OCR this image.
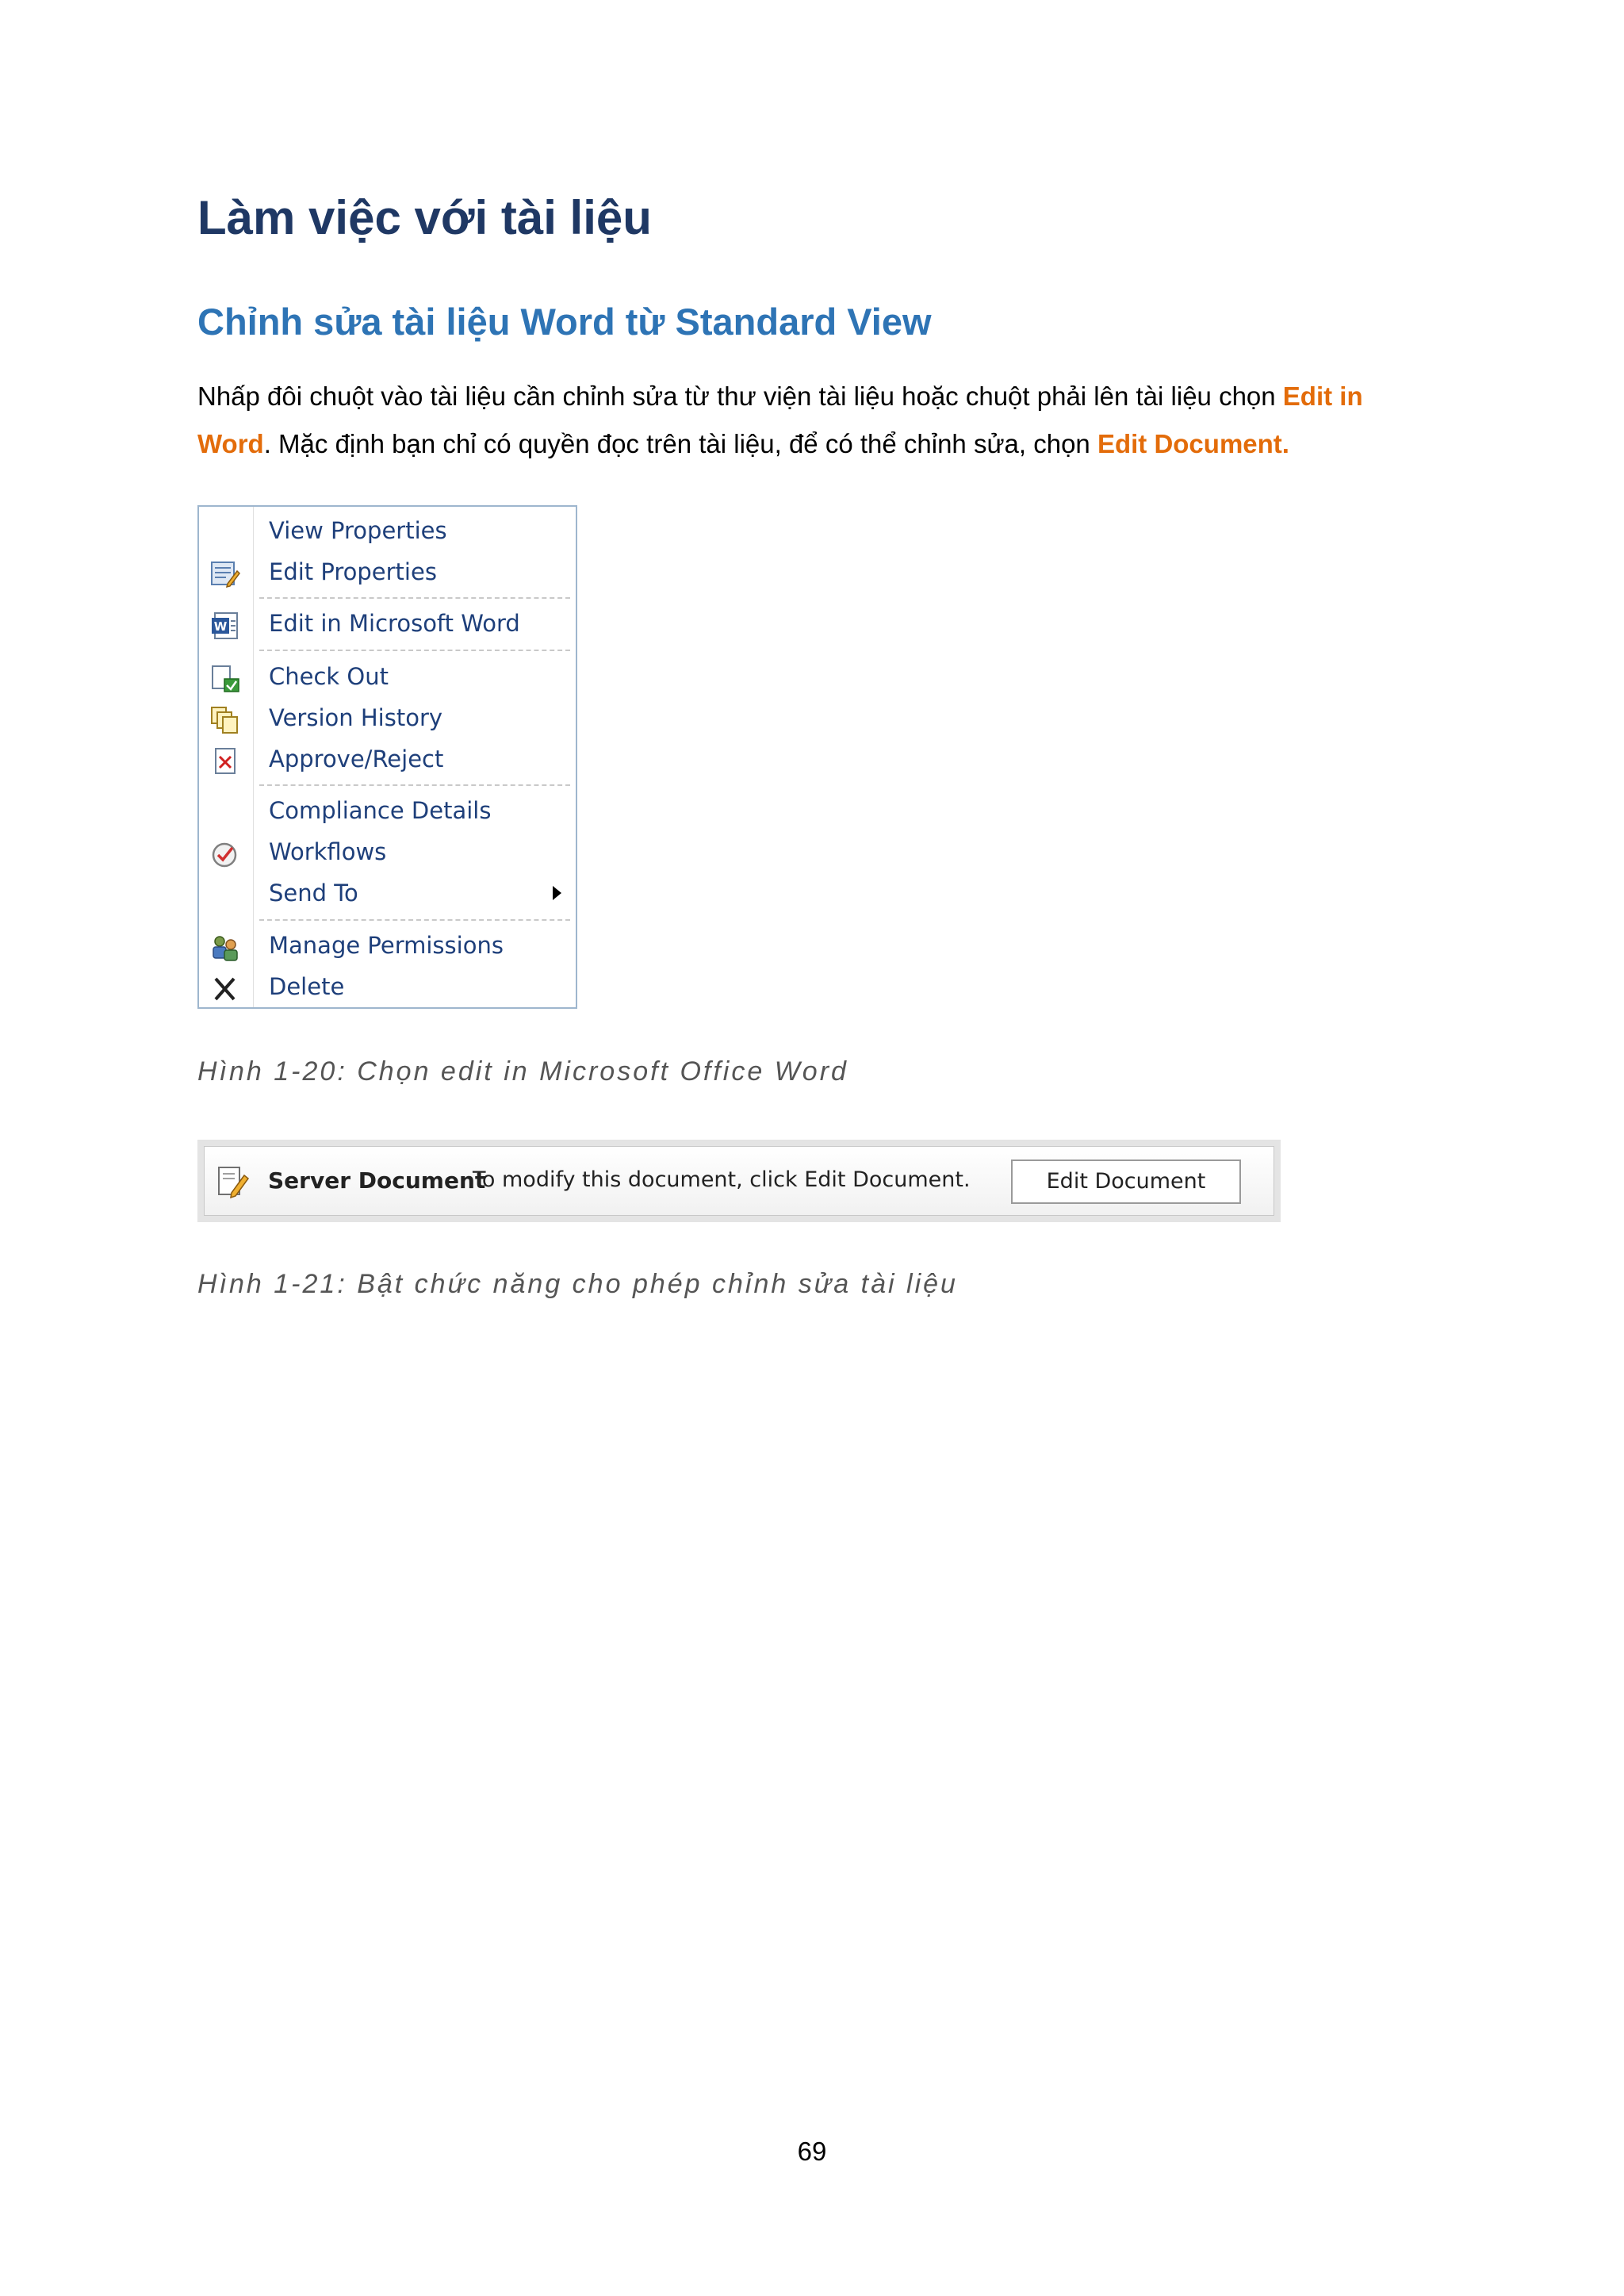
Làm việc với tài liệu
Chỉnh sửa tài liệu Word từ Standard View

Nhấp đôi chuột vào tài liệu cần chỉnh sửa từ thư viện tài liệu hoặc chuột phải lên tài liệu chọn Edit in Word. Mặc định bạn chỉ có quyền đọc trên tài liệu, để có thể chỉnh sửa, chọn Edit Document.

View Properties
Edit Properties
W Edit in Microsoft Word
Check Out
Version History
Approve/Reject
Compliance Details
Workflows
Send To
Manage Permissions
Delete

Hình 1-20: Chọn edit in Microsoft Office Word

Server Document
To modify this document, click Edit Document.	Edit Document

Hình 1-21: Bật chức năng cho phép chỉnh sửa tài liệu

69
